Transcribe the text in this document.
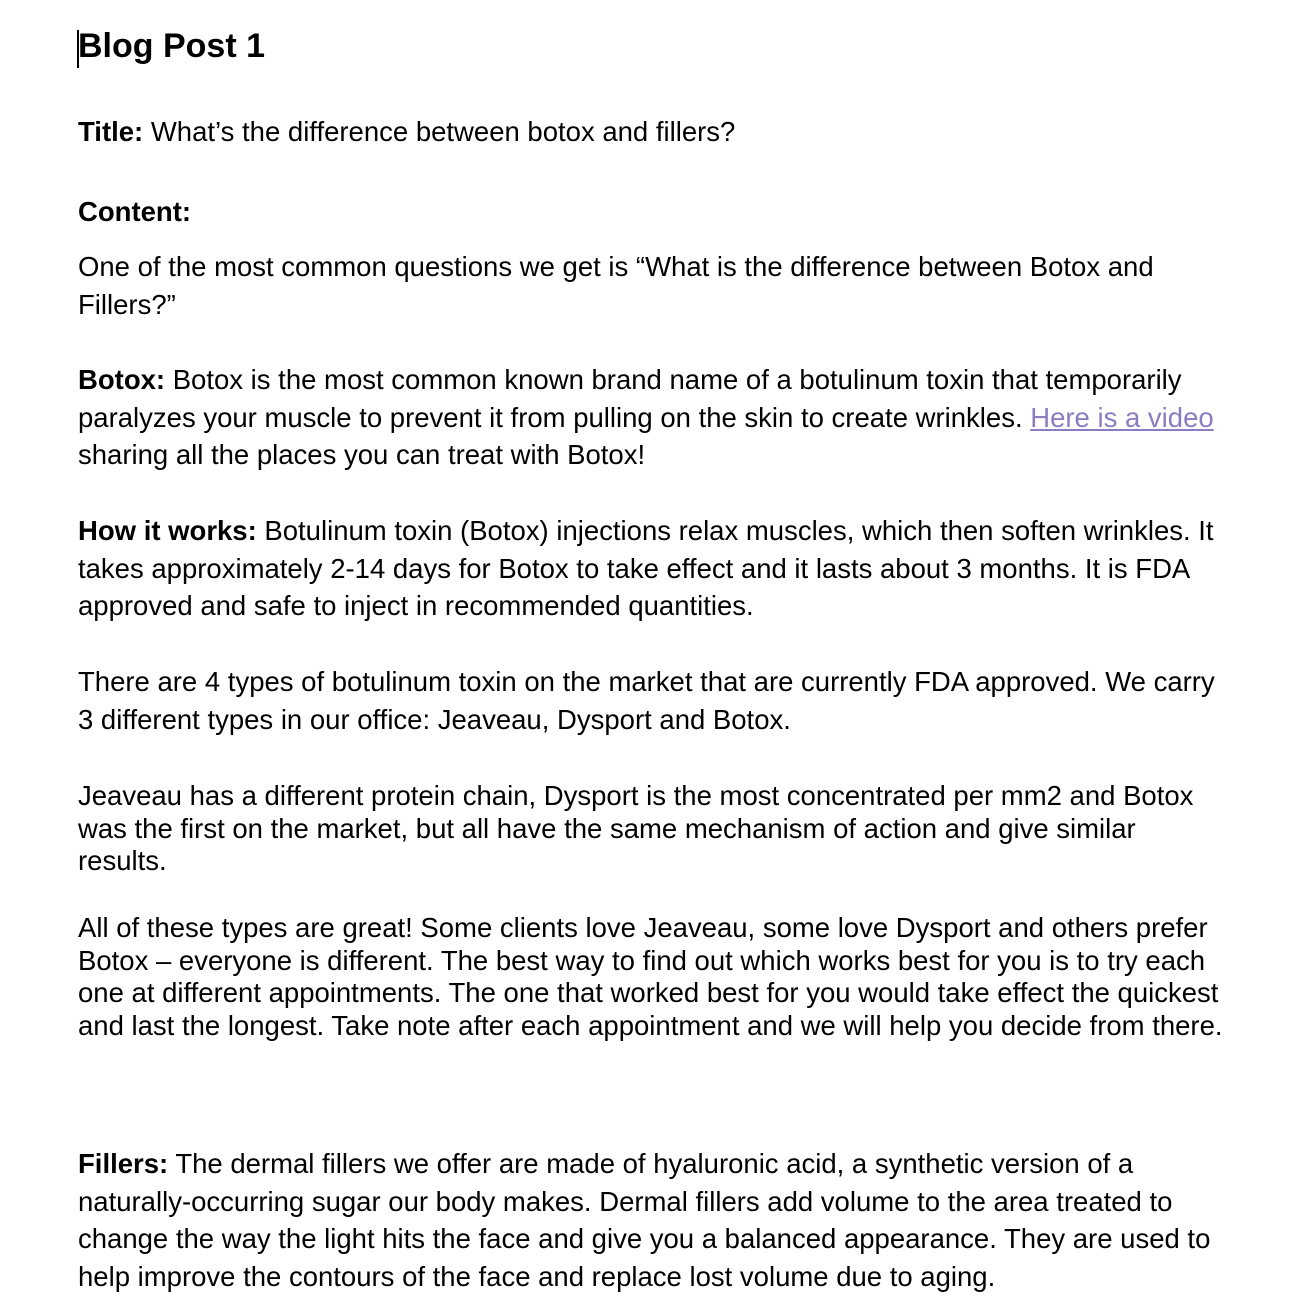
Blog Post 1

Title: What’s the difference between botox and fillers?

Content:

One of the most common questions we get is “What is the difference between Botox and Fillers?”

Botox: Botox is the most common known brand name of a botulinum toxin that temporarily paralyzes your muscle to prevent it from pulling on the skin to create wrinkles. Here is a video sharing all the places you can treat with Botox!

How it works: Botulinum toxin (Botox) injections relax muscles, which then soften wrinkles. It takes approximately 2-14 days for Botox to take effect and it lasts about 3 months. It is FDA approved and safe to inject in recommended quantities.

There are 4 types of botulinum toxin on the market that are currently FDA approved. We carry 3 different types in our office: Jeaveau, Dysport and Botox.

Jeaveau has a different protein chain, Dysport is the most concentrated per mm2 and Botox was the first on the market, but all have the same mechanism of action and give similar results.

All of these types are great! Some clients love Jeaveau, some love Dysport and others prefer Botox – everyone is different. The best way to find out which works best for you is to try each one at different appointments. The one that worked best for you would take effect the quickest and last the longest. Take note after each appointment and we will help you decide from there.

Fillers: The dermal fillers we offer are made of hyaluronic acid, a synthetic version of a naturally-occurring sugar our body makes. Dermal fillers add volume to the area treated to change the way the light hits the face and give you a balanced appearance. They are used to help improve the contours of the face and replace lost volume due to aging.
